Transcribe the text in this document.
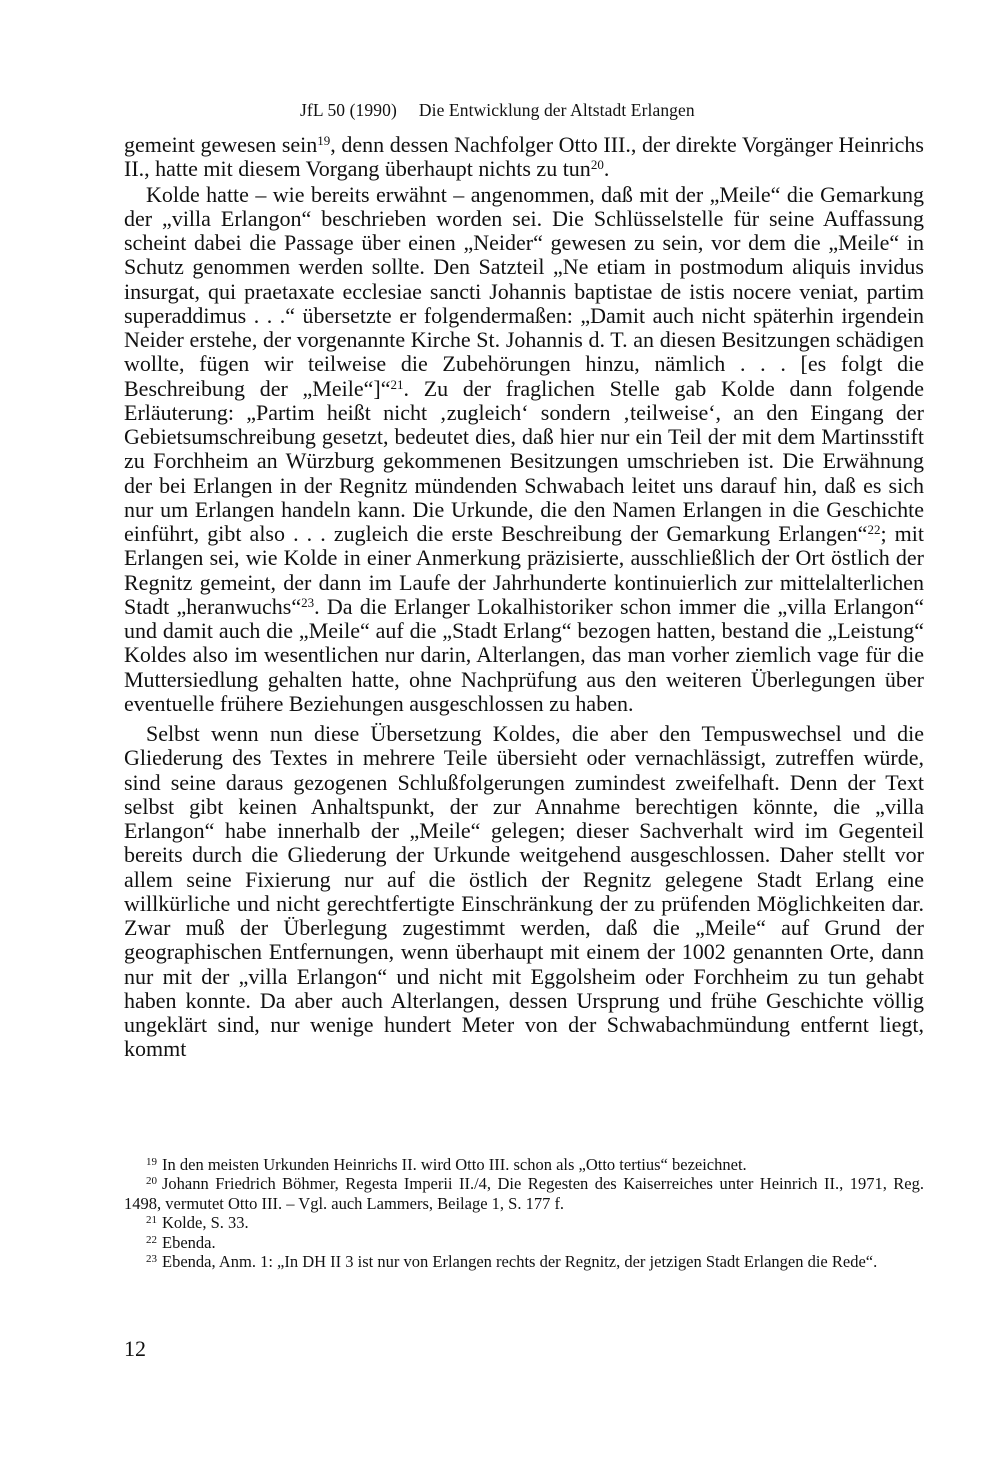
JfL 50 (1990) Die Entwicklung der Altstadt Erlangen

gemeint gewesen sein$^{19}$, denn dessen Nachfolger Otto III., der direkte Vorgänger Heinrichs II., hatte mit diesem Vorgang überhaupt nichts zu tun$^{20}$.

Kolde hatte – wie bereits erwähnt – angenommen, daß mit der „Meile“ die Gemarkung der „villa Erlangon“ beschrieben worden sei. Die Schlüsselstelle für seine Auffassung scheint dabei die Passage über einen „Neider“ gewesen zu sein, vor dem die „Meile“ in Schutz genommen werden sollte. Den Satzteil „Ne etiam in postmodum aliquis invidus insurgat, qui praetaxate ecclesiae sancti Johannis baptistae de istis nocere veniat, partim superaddimus . . .“ übersetzte er folgendermaßen: „Damit auch nicht späterhin irgendein Neider erstehe, der vorgenannte Kirche St. Johannis d. T. an diesen Besitzungen schädigen wollte, fügen wir teilweise die Zubehörungen hinzu, nämlich . . . [es folgt die Beschreibung der „Meile“]“$^{21}$. Zu der fraglichen Stelle gab Kolde dann folgende Erläuterung: „Partim heißt nicht ‚zugleich‘ sondern ‚teilweise‘, an den Eingang der Gebietsumschreibung gesetzt, bedeutet dies, daß hier nur ein Teil der mit dem Martinsstift zu Forchheim an Würzburg gekommenen Besitzungen umschrieben ist. Die Erwähnung der bei Erlangen in der Regnitz mündenden Schwabach leitet uns darauf hin, daß es sich nur um Erlangen handeln kann. Die Urkunde, die den Namen Erlangen in die Geschichte einführt, gibt also . . . zugleich die erste Beschreibung der Gemarkung Erlangen“$^{22}$; mit Erlangen sei, wie Kolde in einer Anmerkung präzisierte, ausschließlich der Ort östlich der Regnitz gemeint, der dann im Laufe der Jahrhunderte kontinuierlich zur mittelalterlichen Stadt „heranwuchs“$^{23}$. Da die Erlanger Lokalhistoriker schon immer die „villa Erlangon“ und damit auch die „Meile“ auf die „Stadt Erlang“ bezogen hatten, bestand die „Leistung“ Koldes also im wesentlichen nur darin, Alterlangen, das man vorher ziemlich vage für die Muttersiedlung gehalten hatte, ohne Nachprüfung aus den weiteren Überlegungen über eventuelle frühere Beziehungen ausgeschlossen zu haben.

Selbst wenn nun diese Übersetzung Koldes, die aber den Tempuswechsel und die Gliederung des Textes in mehrere Teile übersieht oder vernachlässigt, zutreffen würde, sind seine daraus gezogenen Schlußfolgerungen zumindest zweifelhaft. Denn der Text selbst gibt keinen Anhaltspunkt, der zur Annahme berechtigen könnte, die „villa Erlangon“ habe innerhalb der „Meile“ gelegen; dieser Sachverhalt wird im Gegenteil bereits durch die Gliederung der Urkunde weitgehend ausgeschlossen. Daher stellt vor allem seine Fixierung nur auf die östlich der Regnitz gelegene Stadt Erlang eine willkürliche und nicht gerechtfertigte Einschränkung der zu prüfenden Möglichkeiten dar. Zwar muß der Überlegung zugestimmt werden, daß die „Meile“ auf Grund der geographischen Entfernungen, wenn überhaupt mit einem der 1002 genannten Orte, dann nur mit der „villa Erlangon“ und nicht mit Eggolsheim oder Forchheim zu tun gehabt haben konnte. Da aber auch Alterlangen, dessen Ursprung und frühe Geschichte völlig ungeklärt sind, nur wenige hundert Meter von der Schwabachmündung entfernt liegt, kommt

$^{19}$ In den meisten Urkunden Heinrichs II. wird Otto III. schon als „Otto tertius“ bezeichnet.

$^{20}$ Johann Friedrich Böhmer, Regesta Imperii II./4, Die Regesten des Kaiserreiches unter Heinrich II., 1971, Reg. 1498, vermutet Otto III. – Vgl. auch Lammers, Beilage 1, S. 177 f.

$^{21}$ Kolde, S. 33.

$^{22}$ Ebenda.

$^{23}$ Ebenda, Anm. 1: „In DH II 3 ist nur von Erlangen rechts der Regnitz, der jetzigen Stadt Erlangen die Rede“.

12
